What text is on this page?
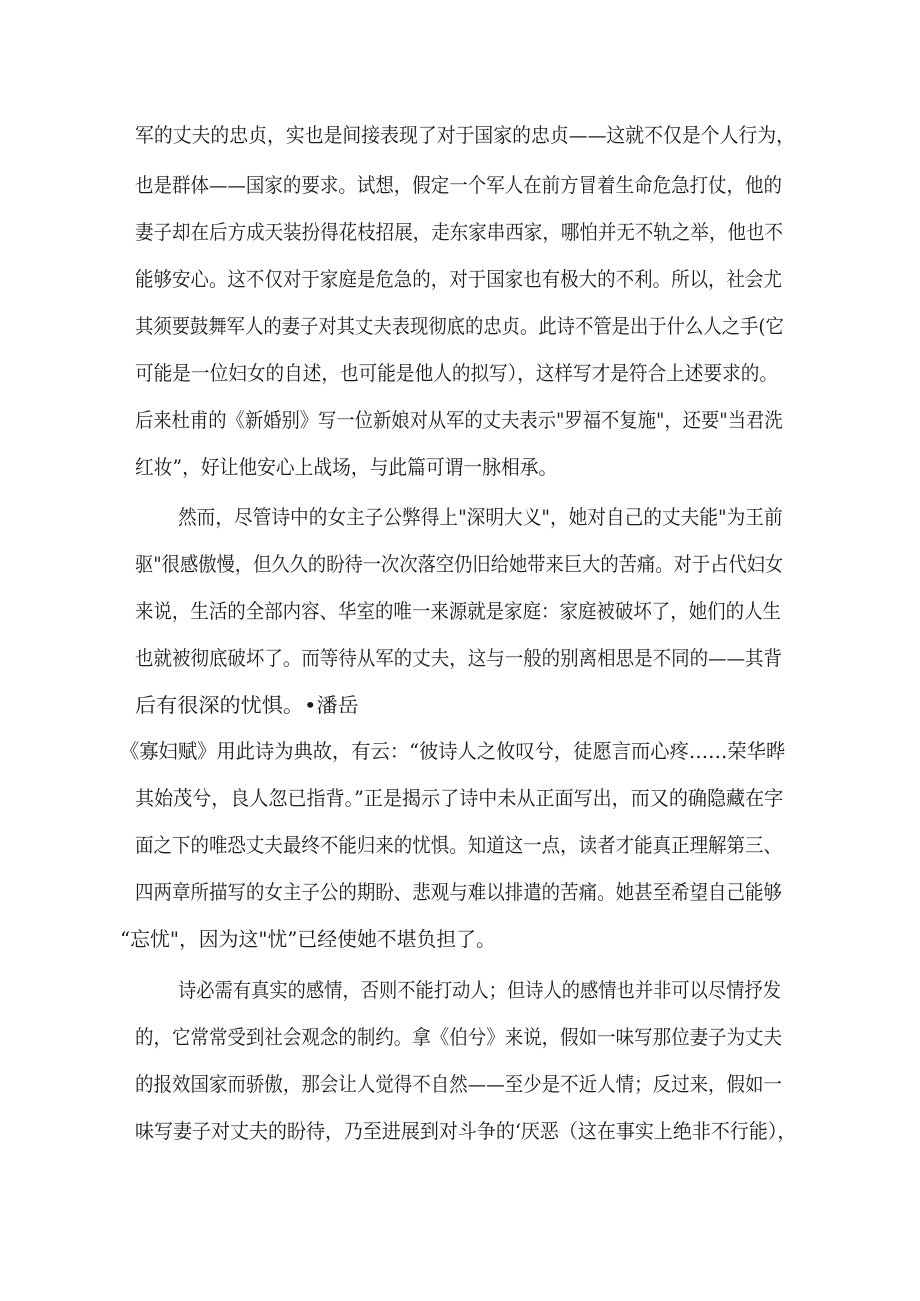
军的丈夫的忠贞，实也是间接表现了对于国家的忠贞——这就不仅是个人行为，
也是群体——国家的要求。试想，假定一个军人在前方冒着生命危急打仗，他的
妻子却在后方成天装扮得花枝招展，走东家串西家，哪怕并无不轨之举，他也不
能够安心。这不仅对于家庭是危急的，对于国家也有极大的不利。所以，社会尤
其须要鼓舞军人的妻子对其丈夫表现彻底的忠贞。此诗不管是出于什么人之手(它
可能是一位妇女的自述，也可能是他人的拟写），这样写才是符合上述要求的。
后来杜甫的《新婚别》写一位新娘对从军的丈夫表示"罗福不复施"，还要"当君洗
红妆”，好让他安心上战场，与此篇可谓一脉相承。
然而，尽管诗中的女主子公弊得上"深明大义"，她对自己的丈夫能"为王前
驱"很感傲慢，但久久的盼待一次次落空仍旧给她带来巨大的苦痛。对于占代妇女
来说，生活的全部内容、华室的唯一来源就是家庭：家庭被破坏了，她们的人生
也就被彻底破坏了。而等待从军的丈夫，这与一般的别离相思是不同的——其背
后有很深的忧惧。•潘岳
《寡妇赋》用此诗为典故，有云：“彼诗人之攸叹兮，徒愿言而心疼……荣华晔
其始茂兮，良人忽已指背。”正是揭示了诗中未从正面写出，而又的确隐藏在字
面之下的唯恐丈夫最终不能归来的忧惧。知道这一点，读者才能真正理解第三、
四两章所描写的女主子公的期盼、悲观与难以排遣的苦痛。她甚至希望自己能够
“忘忧"，因为这"忧”已经使她不堪负担了。
诗必需有真实的感情，否则不能打动人；但诗人的感情也并非可以尽情抒发
的，它常常受到社会观念的制约。拿《伯兮》来说，假如一味写那位妻子为丈夫
的报效国家而骄傲，那会让人觉得不自然——至少是不近人情；反过来，假如一
味写妻子对丈夫的盼待，乃至进展到对斗争的‘厌恶（这在事实上绝非不行能），
